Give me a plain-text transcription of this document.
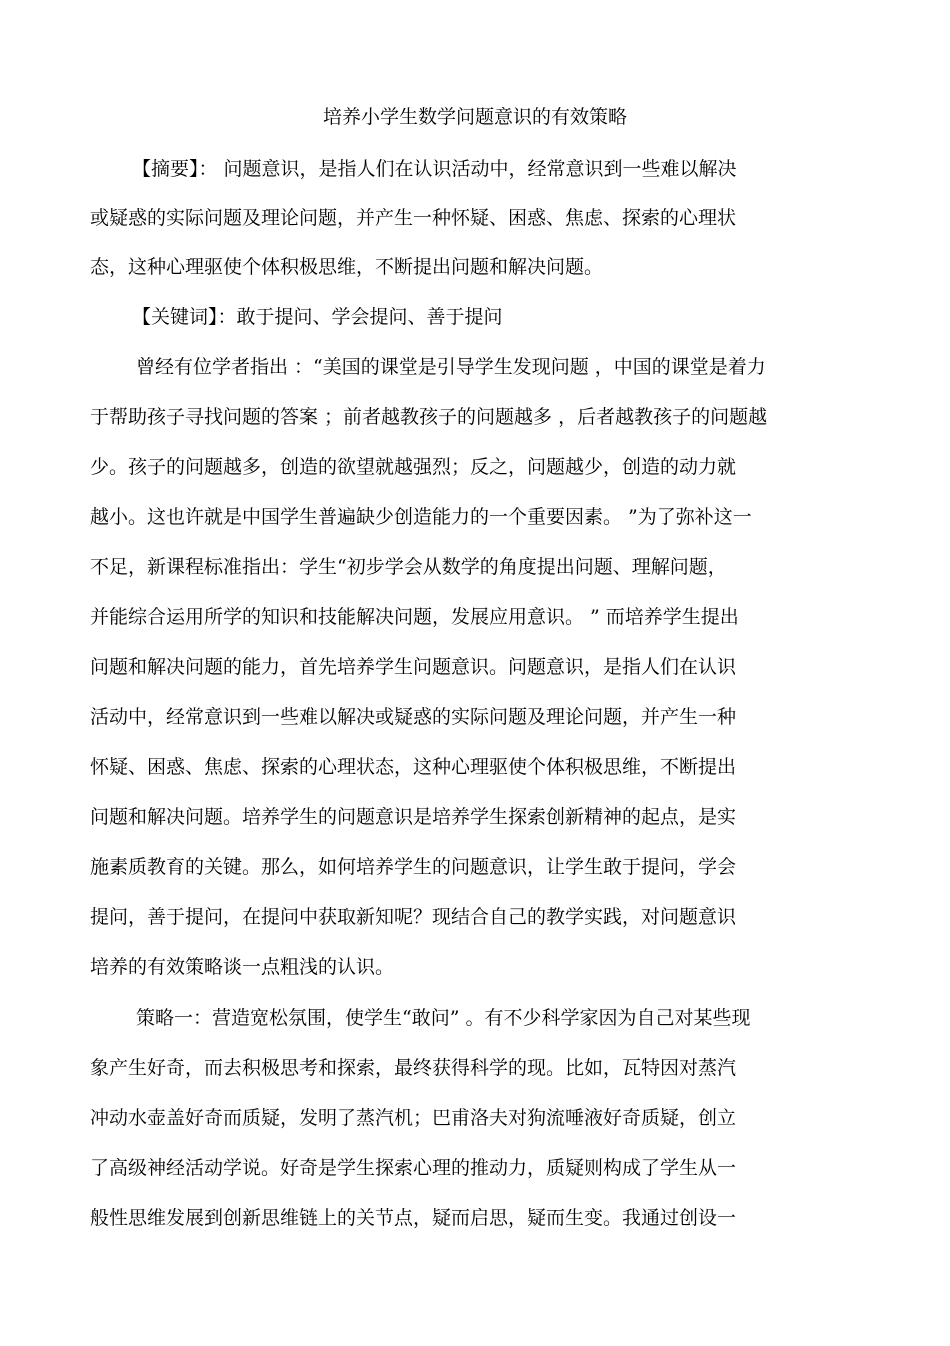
培养小学生数学问题意识的有效策略
【摘要】： 问题意识，是指人们在认识活动中，经常意识到一些难以解决
或疑惑的实际问题及理论问题，并产生一种怀疑、困惑、焦虑、探索的心理状
态，这种心理驱使个体积极思维，不断提出问题和解决问题。
【关键词】：敢于提问、学会提问、善于提问
曾经有位学者指出 ：“美国的课堂是引导学生发现问题 ，中国的课堂是着力
于帮助孩子寻找问题的答案 ；前者越教孩子的问题越多 ，后者越教孩子的问题越
少。孩子的问题越多，创造的欲望就越强烈；反之，问题越少，创造的动力就
越小。这也许就是中国学生普遍缺少创造能力的一个重要因素。 ”为了弥补这一
不足，新课程标准指出：学生“初步学会从数学的角度提出问题、理解问题，
并能综合运用所学的知识和技能解决问题，发展应用意识。 ” 而培养学生提出
问题和解决问题的能力，首先培养学生问题意识。问题意识，是指人们在认识
活动中，经常意识到一些难以解决或疑惑的实际问题及理论问题，并产生一种
怀疑、困惑、焦虑、探索的心理状态，这种心理驱使个体积极思维，不断提出
问题和解决问题。培养学生的问题意识是培养学生探索创新精神的起点，是实
施素质教育的关键。那么，如何培养学生的问题意识，让学生敢于提问，学会
提问，善于提问，在提问中获取新知呢？现结合自己的教学实践，对问题意识
培养的有效策略谈一点粗浅的认识。
策略一：营造宽松氛围，使学生“敢问” 。有不少科学家因为自己对某些现
象产生好奇，而去积极思考和探索，最终获得科学的现。比如，瓦特因对蒸汽
冲动水壶盖好奇而质疑，发明了蒸汽机；巴甫洛夫对狗流唾液好奇质疑，创立
了高级神经活动学说。好奇是学生探索心理的推动力，质疑则构成了学生从一
般性思维发展到创新思维链上的关节点，疑而启思，疑而生变。我通过创设一
